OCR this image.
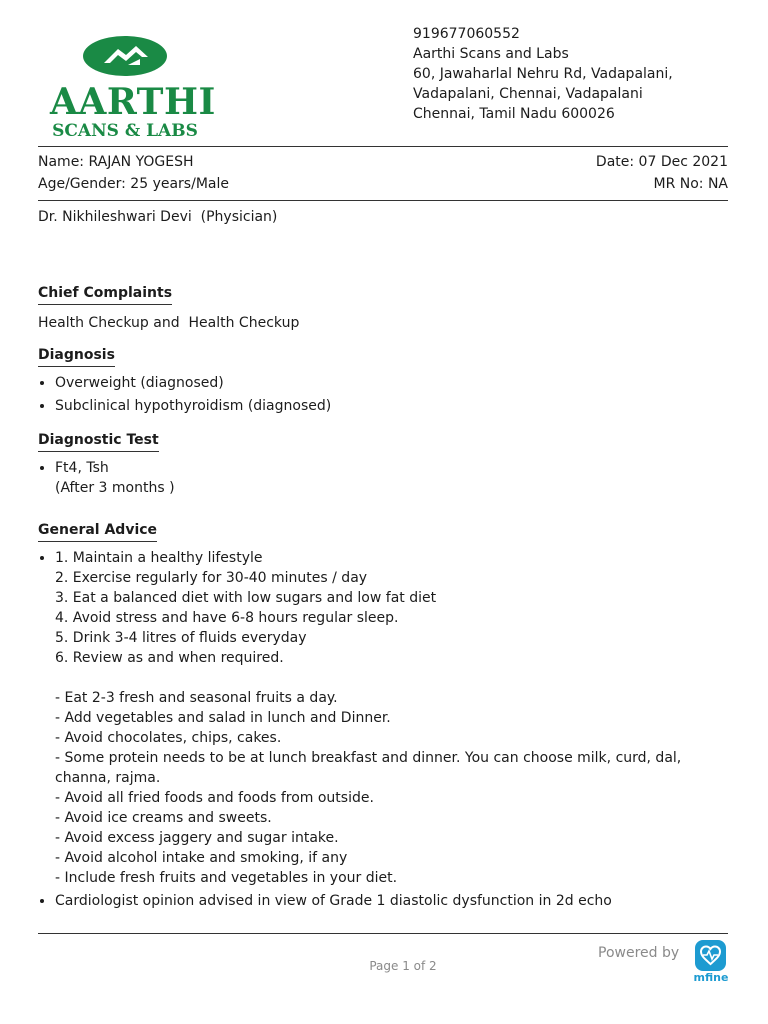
AARTHI
SCANS & LABS
919677060552
Aarthi Scans and Labs
60, Jawaharlal Nehru Rd, Vadapalani,
Vadapalani, Chennai, Vadapalani
Chennai, Tamil Nadu 600026
Name: RAJAN YOGESH	Date: 07 Dec 2021
Age/Gender: 25 years/Male	MR No: NA
Dr. Nikhileshwari Devi  (Physician)
Chief Complaints
Health Checkup and  Health Checkup
Diagnosis
• Overweight (diagnosed)
• Subclinical hypothyroidism (diagnosed)
Diagnostic Test
• Ft4, Tsh
(After 3 months )
General Advice
• 1. Maintain a healthy lifestyle
2. Exercise regularly for 30-40 minutes / day
3. Eat a balanced diet with low sugars and low fat diet
4. Avoid stress and have 6-8 hours regular sleep.
5. Drink 3-4 litres of fluids everyday
6. Review as and when required.
- Eat 2-3 fresh and seasonal fruits a day.
- Add vegetables and salad in lunch and Dinner.
- Avoid chocolates, chips, cakes.
- Some protein needs to be at lunch breakfast and dinner. You can choose milk, curd, dal, channa, rajma.
- Avoid all fried foods and foods from outside.
- Avoid ice creams and sweets.
- Avoid excess jaggery and sugar intake.
- Avoid alcohol intake and smoking, if any
- Include fresh fruits and vegetables in your diet.
• Cardiologist opinion advised in view of Grade 1 diastolic dysfunction in 2d echo
Page 1 of 2
Powered by
mfine
